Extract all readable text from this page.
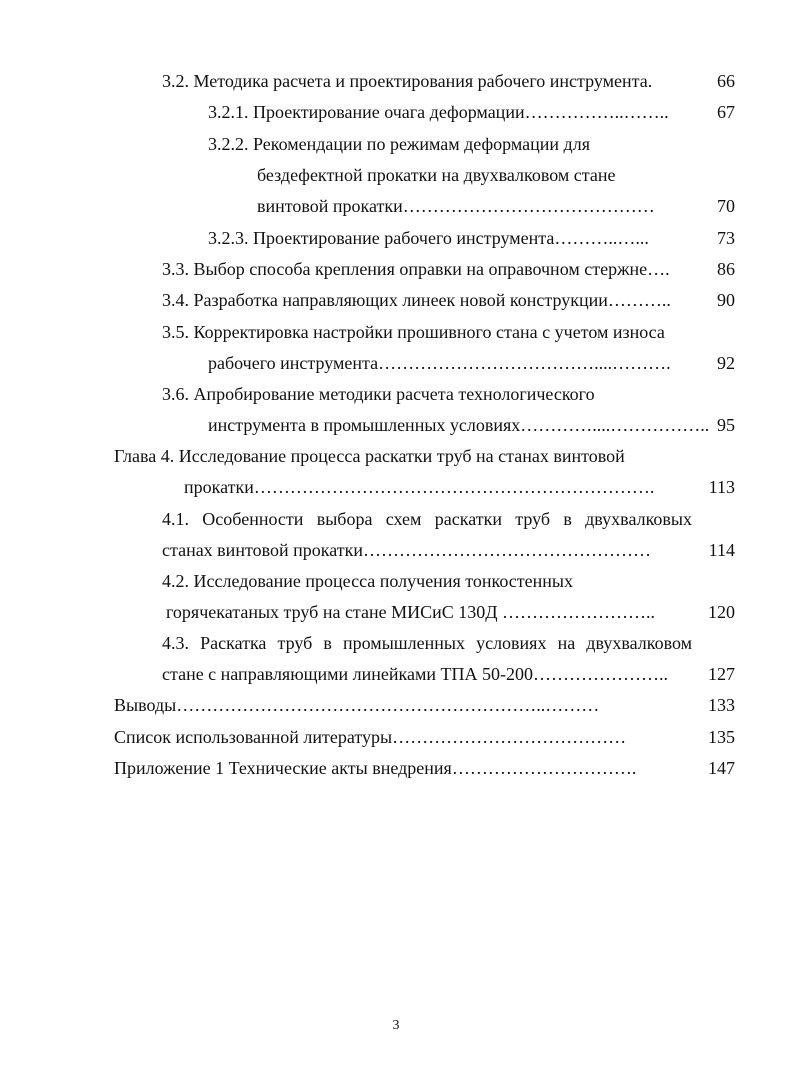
3.2. Методика расчета и проектирования рабочего инструмента.	66
3.2.1. Проектирование очага деформации……………..……..	67
3.2.2. Рекомендации по режимам деформации для
бездефектной прокатки на двухвалковом стане
винтовой прокатки……………………………………	70
3.2.3. Проектирование рабочего инструмента………..…...	73
3.3. Выбор способа крепления оправки на оправочном стержне….	86
3.4. Разработка направляющих линеек новой конструкции………..	90
3.5. Корректировка настройки прошивного стана с учетом износа
рабочего инструмента………………………………....……….	92
3.6. Апробирование методики расчета технологического
инструмента в промышленных условиях…………....…………….. 95
Глава 4. Исследование процесса раскатки труб на станах винтовой
прокатки………………………………………………………….	113
4.1. Особенности выбора схем раскатки труб в двухвалковых
станах винтовой прокатки…………………………………………	114
4.2. Исследование процесса получения тонкостенных
горячекатаных труб на стане МИСиС 130Д ……………………..	120
4.3. Раскатка труб в промышленных условиях на двухвалковом
стане с направляющими линейками ТПА 50-200………………….. 127
Выводы……………………………………………………..………	133
Список использованной литературы…………………………………	135
Приложение 1 Технические акты внедрения………………………….	147
3
